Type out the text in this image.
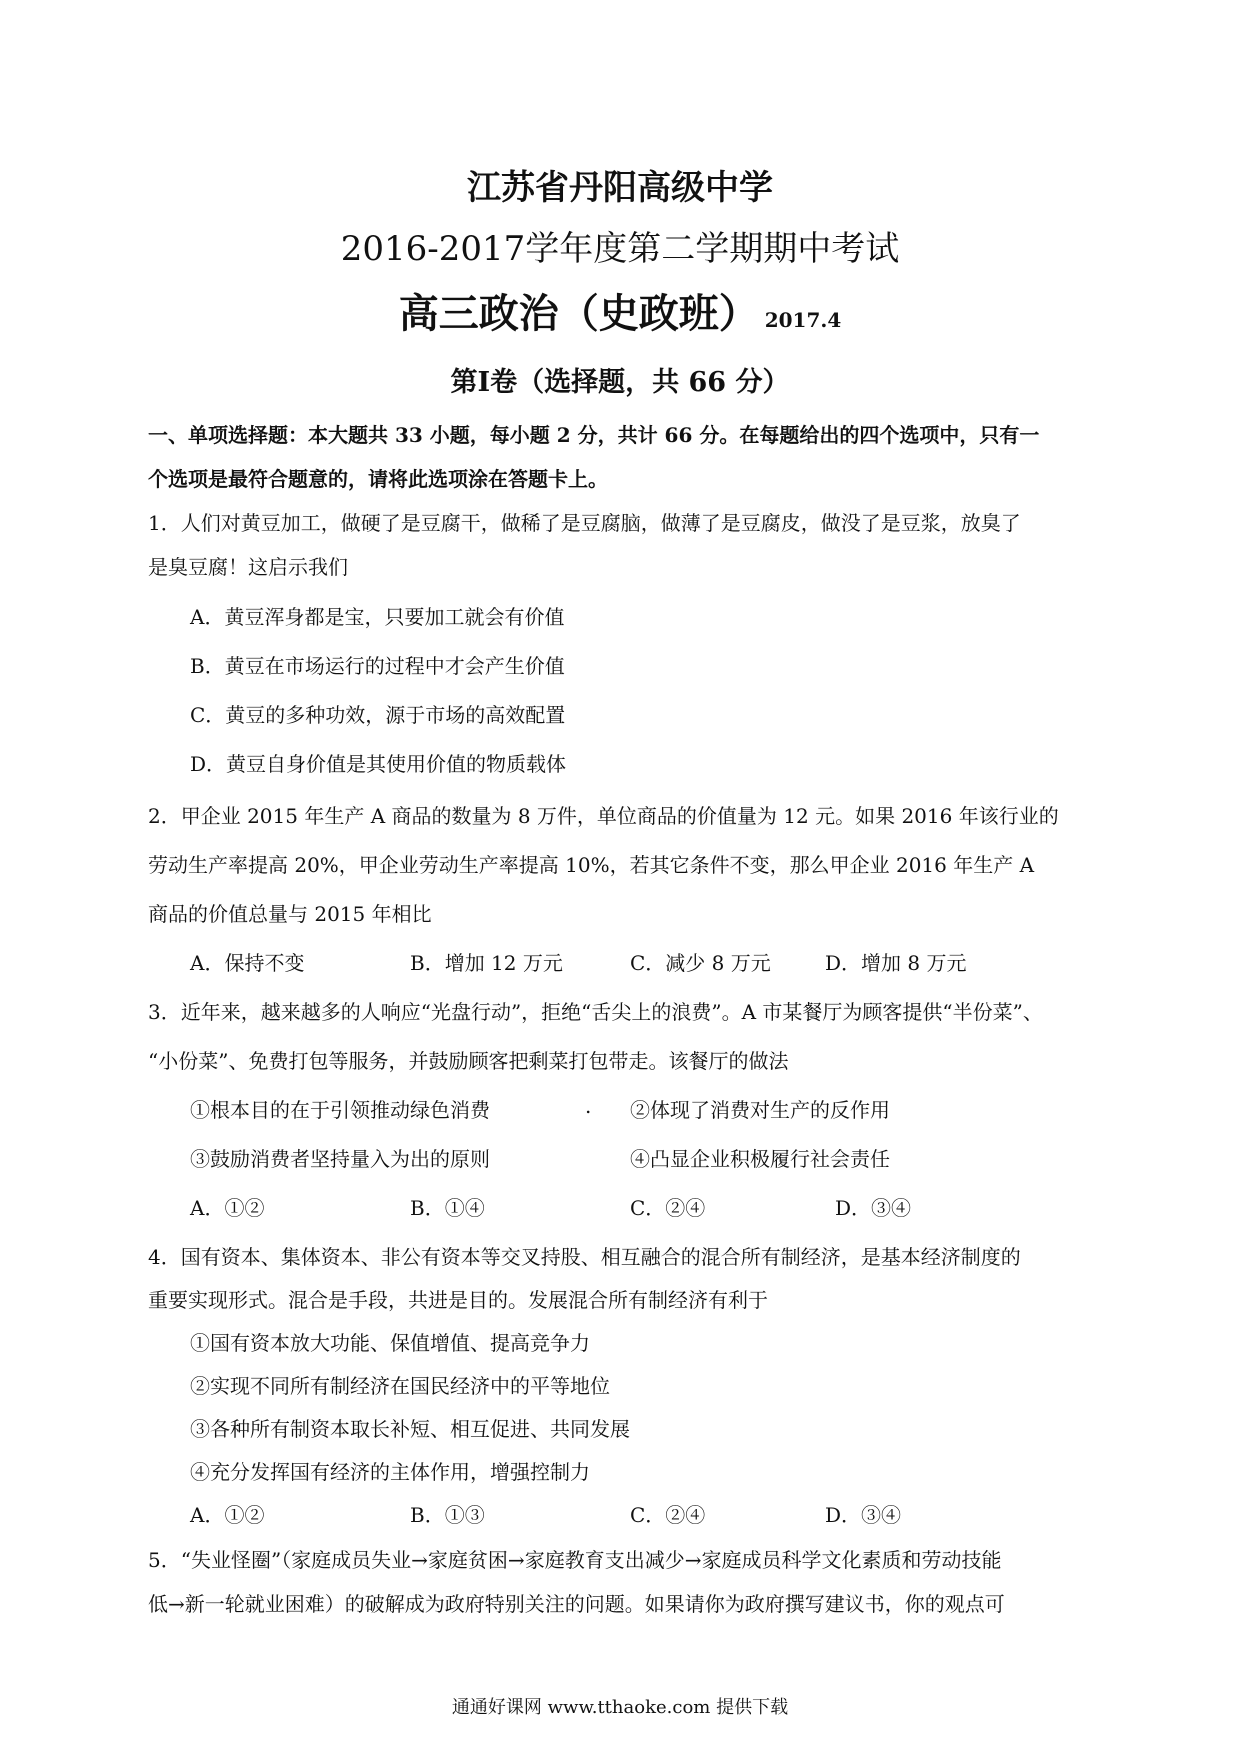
江苏省丹阳高级中学
2016-2017学年度第二学期期中考试
高三政治（史政班） 2017.4
第Ⅰ卷（选择题，共 66 分）
一、单项选择题：本大题共 33 小题，每小题 2 分，共计 66 分。在每题给出的四个选项中，只有一
个选项是最符合题意的，请将此选项涂在答题卡上。
1．人们对黄豆加工，做硬了是豆腐干，做稀了是豆腐脑，做薄了是豆腐皮，做没了是豆浆，放臭了
是臭豆腐！这启示我们
A．黄豆浑身都是宝，只要加工就会有价值
B．黄豆在市场运行的过程中才会产生价值
C．黄豆的多种功效，源于市场的高效配置
D．黄豆自身价值是其使用价值的物质载体
2．甲企业 2015 年生产 A 商品的数量为 8 万件，单位商品的价值量为 12 元。如果 2016 年该行业的
劳动生产率提高 20%，甲企业劳动生产率提高 10%，若其它条件不变，那么甲企业 2016 年生产 A
商品的价值总量与 2015 年相比
A．保持不变	B．增加 12 万元	C．减少 8 万元	D．增加 8 万元
3．近年来，越来越多的人响应“光盘行动”，拒绝“舌尖上的浪费”。A 市某餐厅为顾客提供“半份菜”、
“小份菜”、免费打包等服务，并鼓励顾客把剩菜打包带走。该餐厅的做法
①根本目的在于引领推动绿色消费	. ②体现了消费对生产的反作用
③鼓励消费者坚持量入为出的原则	④凸显企业积极履行社会责任
A．①②	B．①④	C．②④	D．③④
4．国有资本、集体资本、非公有资本等交叉持股、相互融合的混合所有制经济，是基本经济制度的
重要实现形式。混合是手段，共进是目的。发展混合所有制经济有利于
①国有资本放大功能、保值增值、提高竞争力
②实现不同所有制经济在国民经济中的平等地位
③各种所有制资本取长补短、相互促进、共同发展
④充分发挥国有经济的主体作用，增强控制力
A．①②	B．①③	C．②④	D．③④
5．“失业怪圈”（家庭成员失业→家庭贫困→家庭教育支出减少→家庭成员科学文化素质和劳动技能
低→新一轮就业困难）的破解成为政府特别关注的问题。如果请你为政府撰写建议书，你的观点可
通通好课网 www.tthaoke.com 提供下载
